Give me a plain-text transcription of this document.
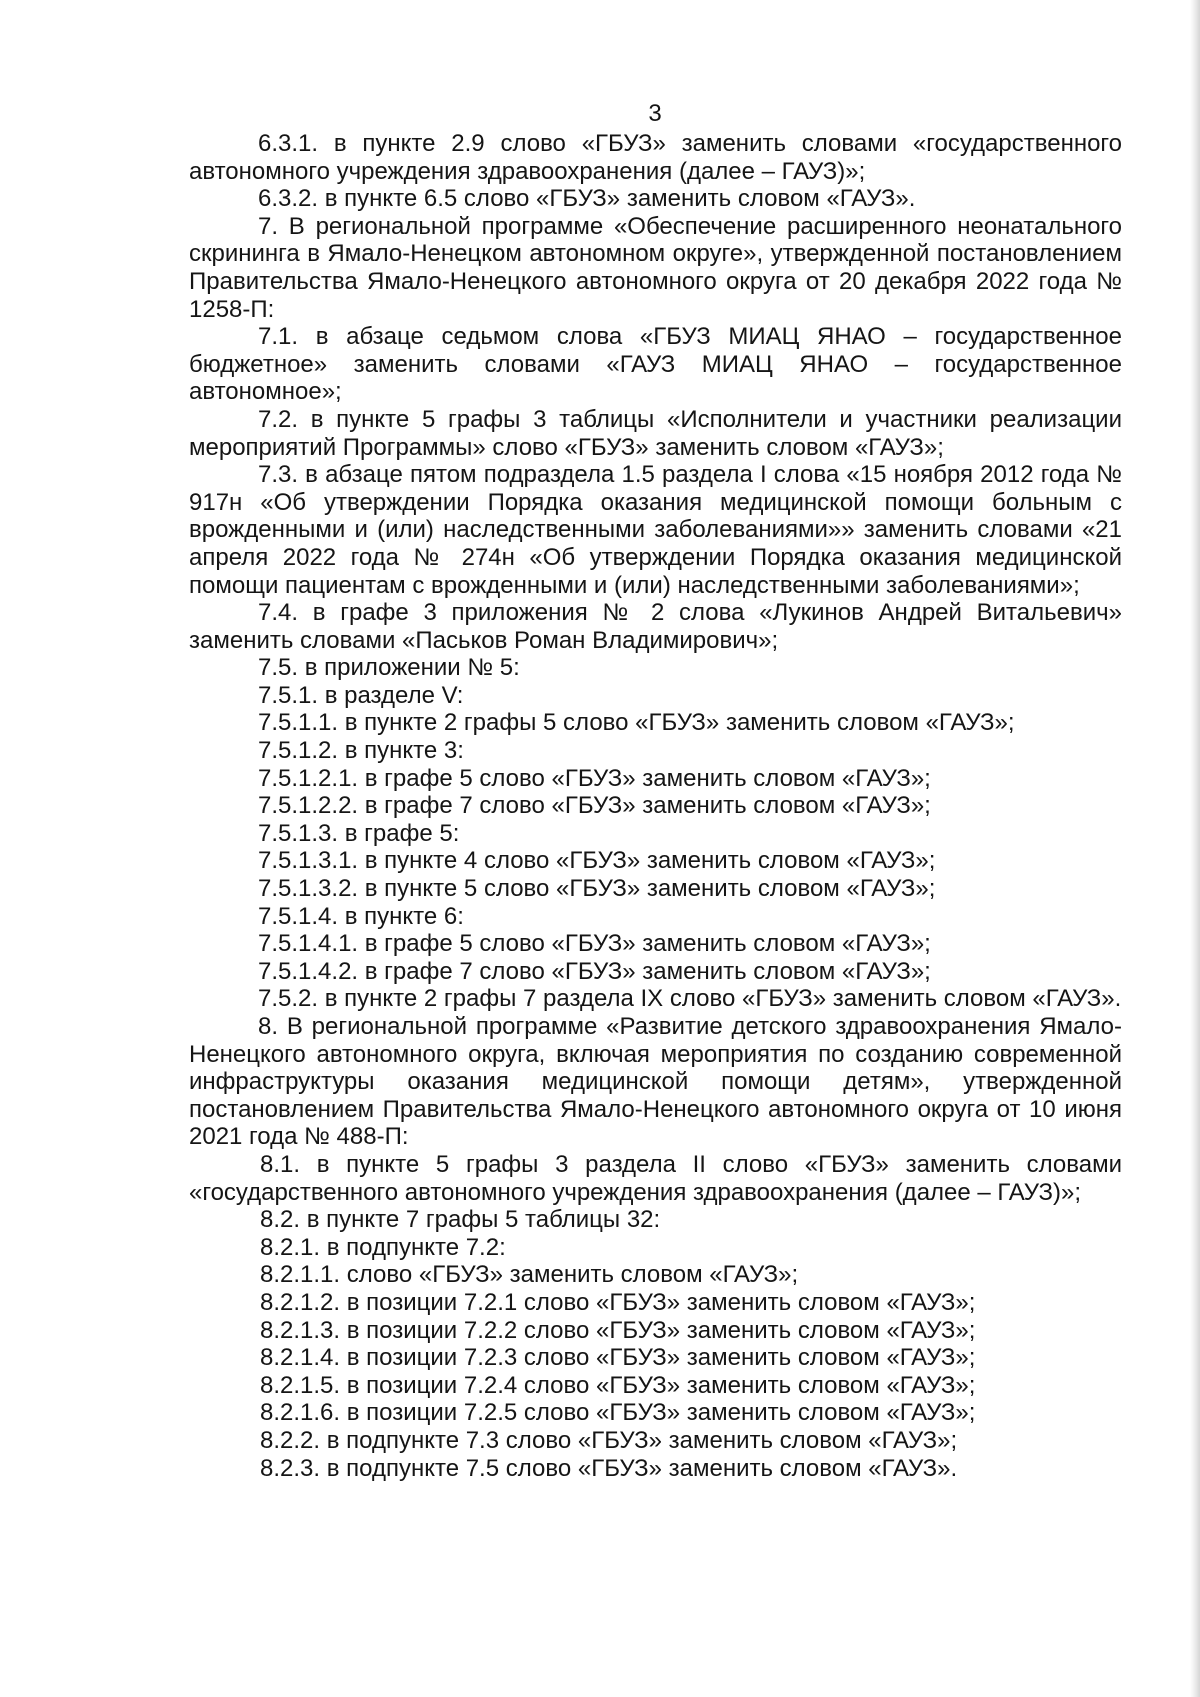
3

6.3.1. в пункте 2.9 слово «ГБУЗ» заменить словами «государственного автономного учреждения здравоохранения (далее – ГАУЗ)»;

6.3.2. в пункте 6.5 слово «ГБУЗ» заменить словом «ГАУЗ».

7. В региональной программе «Обеспечение расширенного неонатального скрининга в Ямало-Ненецком автономном округе», утвержденной постановлением Правительства Ямало-Ненецкого автономного округа от 20 декабря 2022 года № 1258-П:

7.1. в абзаце седьмом слова «ГБУЗ МИАЦ ЯНАО – государственное бюджетное» заменить словами «ГАУЗ МИАЦ ЯНАО – государственное автономное»;

7.2. в пункте 5 графы 3 таблицы «Исполнители и участники реализации мероприятий Программы» слово «ГБУЗ» заменить словом «ГАУЗ»;

7.3. в абзаце пятом подраздела 1.5 раздела I слова «15 ноября 2012 года № 917н «Об утверждении Порядка оказания медицинской помощи больным с врожденными и (или) наследственными заболеваниями»» заменить словами «21 апреля 2022 года № 274н «Об утверждении Порядка оказания медицинской помощи пациентам с врожденными и (или) наследственными заболеваниями»;

7.4. в графе 3 приложения № 2 слова «Лукинов Андрей Витальевич» заменить словами «Паськов Роман Владимирович»;

7.5. в приложении № 5:

7.5.1. в разделе V:

7.5.1.1. в пункте 2 графы 5 слово «ГБУЗ» заменить словом «ГАУЗ»;

7.5.1.2. в пункте 3:

7.5.1.2.1. в графе 5 слово «ГБУЗ» заменить словом «ГАУЗ»;

7.5.1.2.2. в графе 7 слово «ГБУЗ» заменить словом «ГАУЗ»;

7.5.1.3. в графе 5:

7.5.1.3.1. в пункте 4 слово «ГБУЗ» заменить словом «ГАУЗ»;

7.5.1.3.2. в пункте 5 слово «ГБУЗ» заменить словом «ГАУЗ»;

7.5.1.4. в пункте 6:

7.5.1.4.1. в графе 5 слово «ГБУЗ» заменить словом «ГАУЗ»;

7.5.1.4.2. в графе 7 слово «ГБУЗ» заменить словом «ГАУЗ»;

7.5.2. в пункте 2 графы 7 раздела IX слово «ГБУЗ» заменить словом «ГАУЗ».

8. В региональной программе «Развитие детского здравоохранения Ямало-Ненецкого автономного округа, включая мероприятия по созданию современной инфраструктуры оказания медицинской помощи детям», утвержденной постановлением Правительства Ямало-Ненецкого автономного округа от 10 июня 2021 года № 488-П:

8.1. в пункте 5 графы 3 раздела II слово «ГБУЗ» заменить словами «государственного автономного учреждения здравоохранения (далее – ГАУЗ)»;

8.2. в пункте 7 графы 5 таблицы 32:

8.2.1. в подпункте 7.2:

8.2.1.1. слово «ГБУЗ» заменить словом «ГАУЗ»;

8.2.1.2. в позиции 7.2.1 слово «ГБУЗ» заменить словом «ГАУЗ»;

8.2.1.3. в позиции 7.2.2 слово «ГБУЗ» заменить словом «ГАУЗ»;

8.2.1.4. в позиции 7.2.3 слово «ГБУЗ» заменить словом «ГАУЗ»;

8.2.1.5. в позиции 7.2.4 слово «ГБУЗ» заменить словом «ГАУЗ»;

8.2.1.6. в позиции 7.2.5 слово «ГБУЗ» заменить словом «ГАУЗ»;

8.2.2. в подпункте 7.3 слово «ГБУЗ» заменить словом «ГАУЗ»;

8.2.3. в подпункте 7.5 слово «ГБУЗ» заменить словом «ГАУЗ».
